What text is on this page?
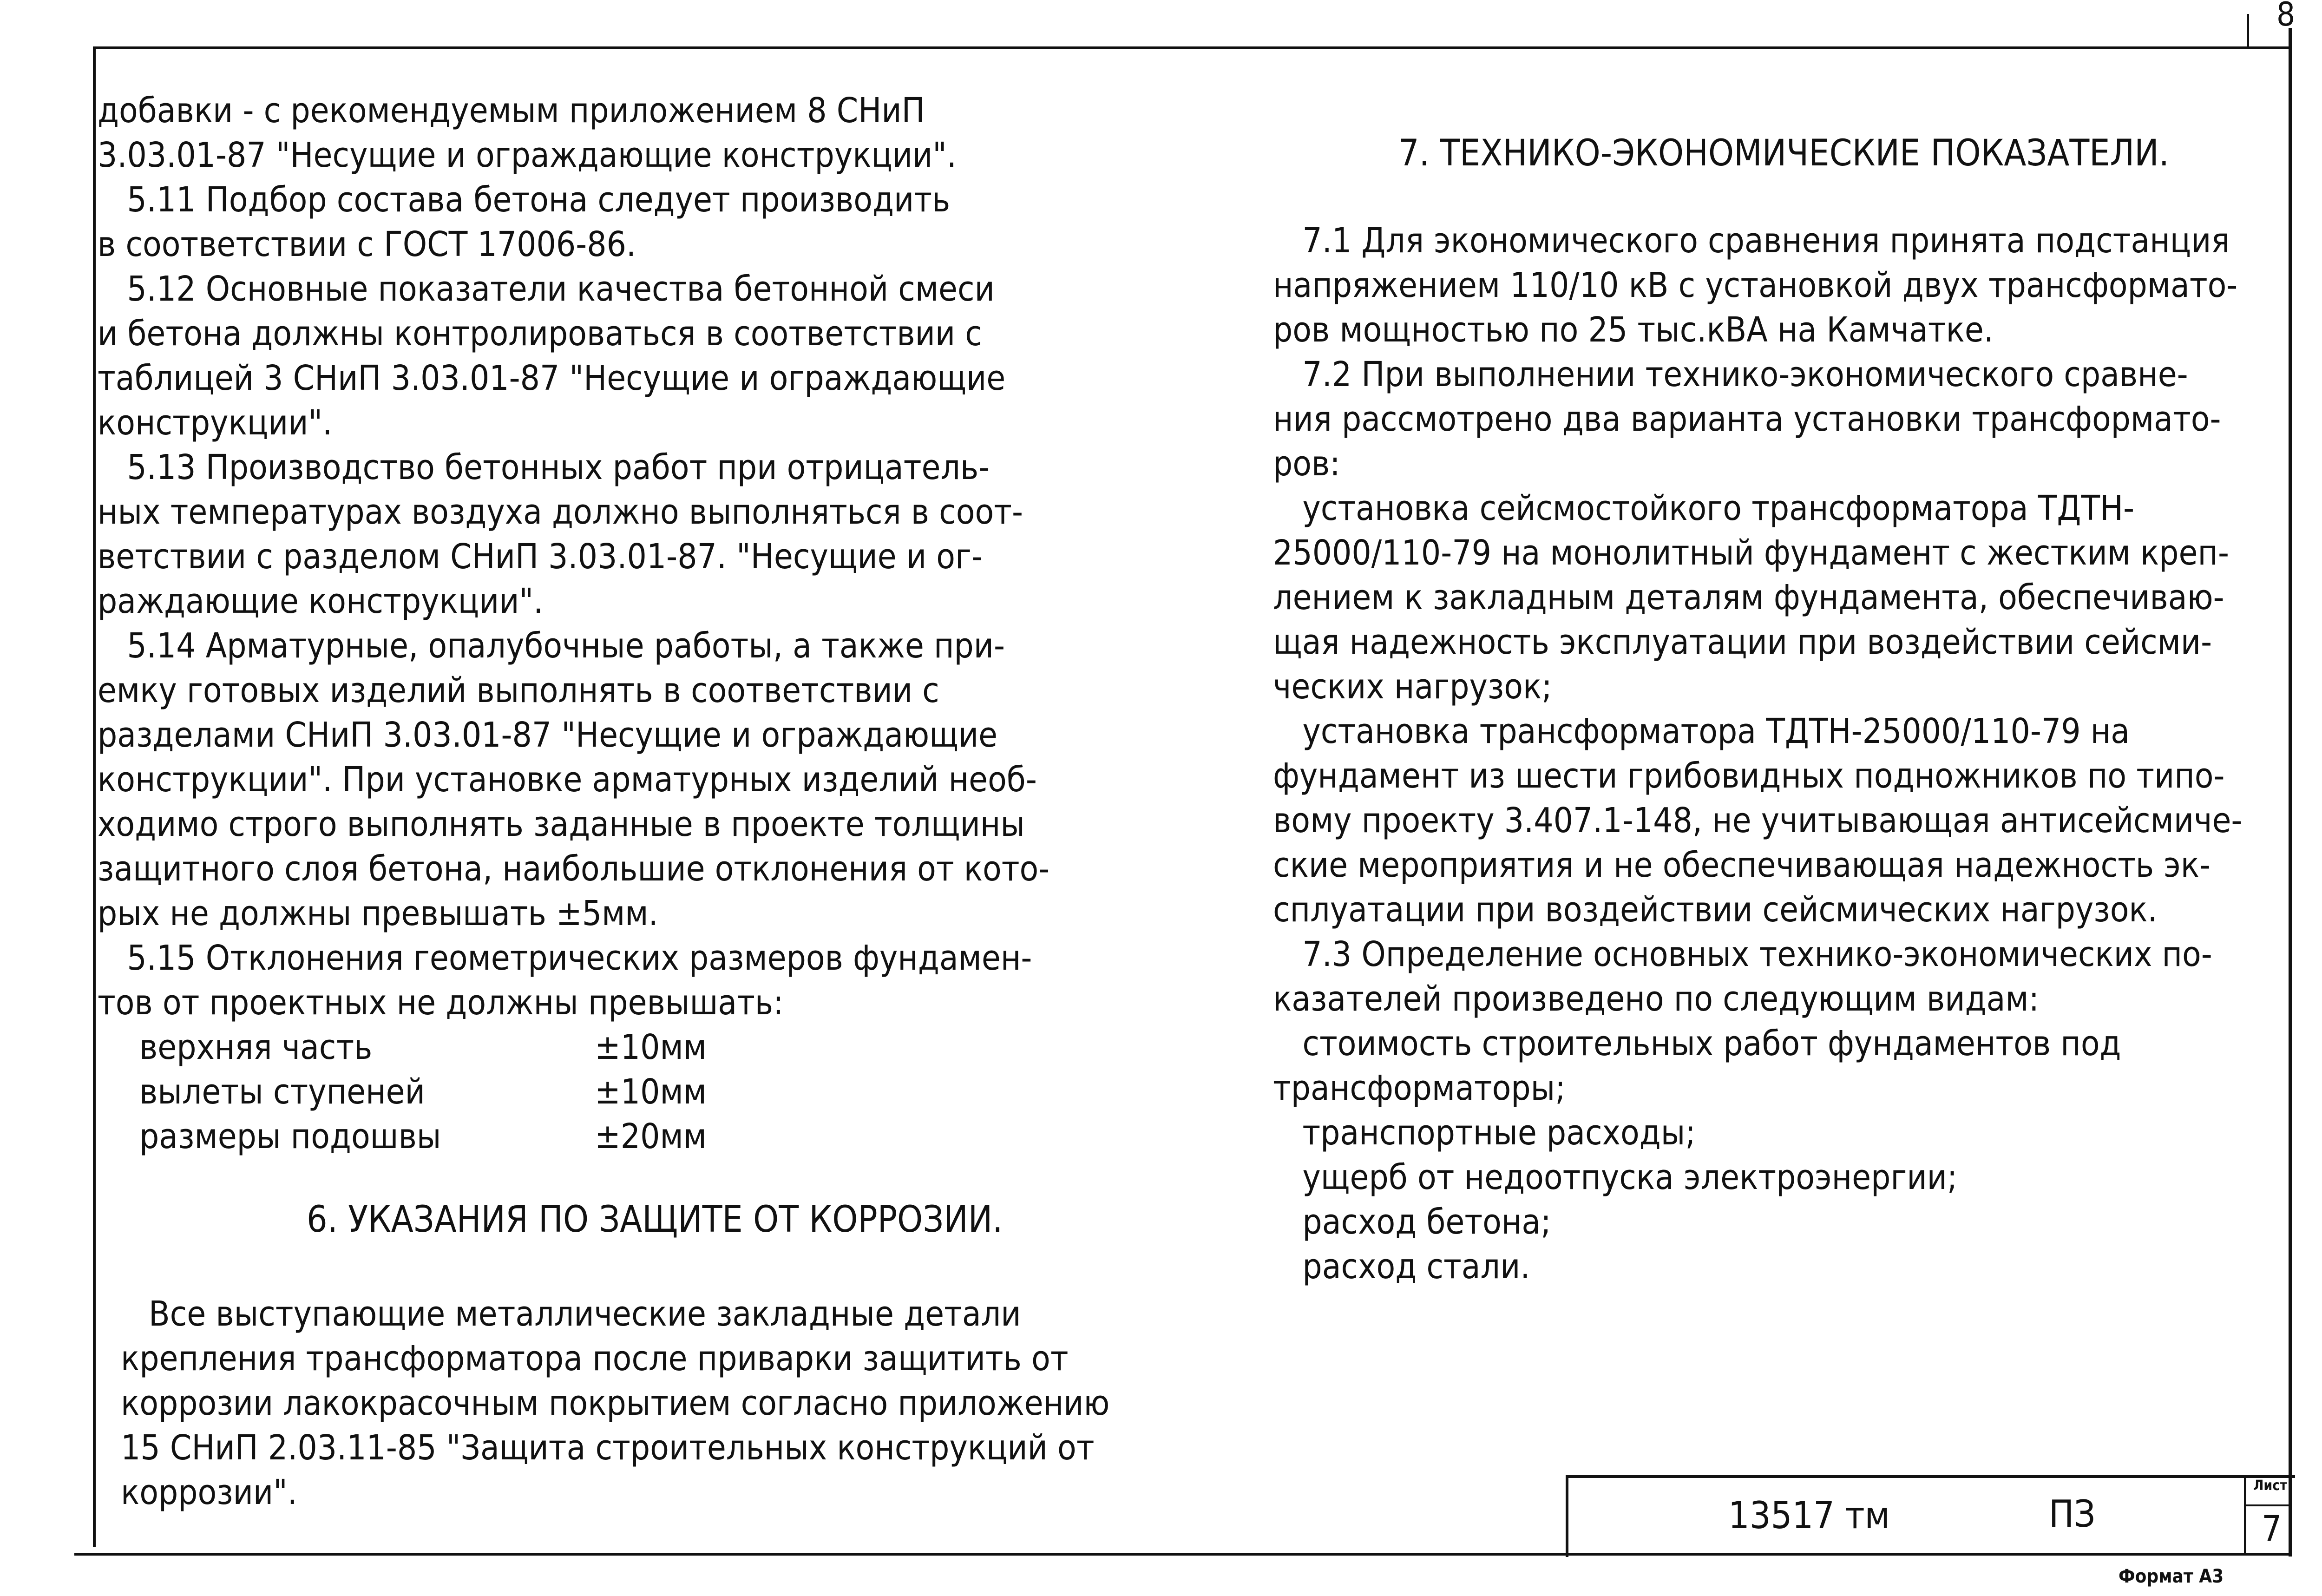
8
добавки - с рекомендуемым приложением 8 СНиП
3.03.01-87 "Несущие и ограждающие конструкции".
5.11 Подбор состава бетона следует производить
в соответствии с ГОСТ 17006-86.
5.12 Основные показатели качества бетонной смеси
и бетона должны контролироваться в соответствии с
таблицей 3 СНиП 3.03.01-87 "Несущие и ограждающие
конструкции".
5.13 Производство бетонных работ при отрицатель-
ных температурах воздуха должно выполняться в соот-
ветствии с разделом СНиП 3.03.01-87. "Несущие и ог-
раждающие конструкции".
5.14 Арматурные, опалубочные работы, а также при-
емку готовых изделий выполнять в соответствии с
разделами СНиП 3.03.01-87 "Несущие и ограждающие
конструкции". При установке арматурных изделий необ-
ходимо строго выполнять заданные в проекте толщины
защитного слоя бетона, наибольшие отклонения от кото-
рых не должны превышать ±5мм.
5.15 Отклонения геометрических размеров фундамен-
тов от проектных не должны превышать:
верхняя часть	±10мм
вылеты ступеней	±10мм
размеры подошвы	±20мм
6. УКАЗАНИЯ ПО ЗАЩИТЕ ОТ КОРРОЗИИ.
Все выступающие металлические закладные детали
крепления трансформатора после приварки защитить от
коррозии лакокрасочным покрытием согласно приложению
15 СНиП 2.03.11-85 "Защита строительных конструкций от
коррозии".
7. ТЕХНИКО-ЭКОНОМИЧЕСКИЕ ПОКАЗАТЕЛИ.
7.1 Для экономического сравнения принята подстанция
напряжением 110/10 кВ с установкой двух трансформато-
ров мощностью по 25 тыс.кВА на Камчатке.
7.2 При выполнении технико-экономического сравне-
ния рассмотрено два варианта установки трансформато-
ров:
установка сейсмостойкого трансформатора ТДТН-
25000/110-79 на монолитный фундамент с жестким креп-
лением к закладным деталям фундамента, обеспечиваю-
щая надежность эксплуатации при воздействии сейсми-
ческих нагрузок;
установка трансформатора ТДТН-25000/110-79 на
фундамент из шести грибовидных подножников по типо-
вому проекту 3.407.1-148, не учитывающая антисейсмиче-
ские мероприятия и не обеспечивающая надежность эк-
сплуатации при воздействии сейсмических нагрузок.
7.3 Определение основных технико-экономических по-
казателей произведено по следующим видам:
стоимость строительных работ фундаментов под
трансформаторы;
транспортные расходы;
ущерб от недоотпуска электроэнергии;
расход бетона;
расход стали.
13517 тм	ПЗ
Лист
7
Формат А3
